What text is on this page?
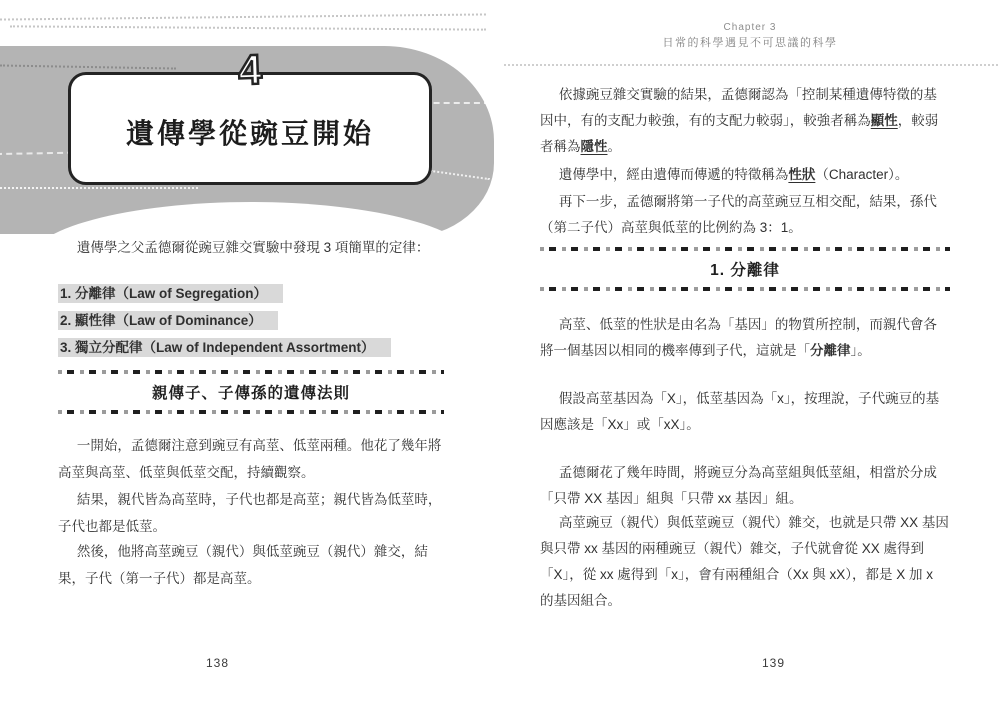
4
遺傳學從豌豆開始

遺傳學之父孟德爾從豌豆雜交實驗中發現 3 項簡單的定律：

1. 分離律（Law of Segregation）
2. 顯性律（Law of Dominance）
3. 獨立分配律（Law of Independent Assortment）
親傳子、子傳孫的遺傳法則

一開始，孟德爾注意到豌豆有高莖、低莖兩種。他花了幾年將高莖與高莖、低莖與低莖交配，持續觀察。

結果，親代皆為高莖時，子代也都是高莖；親代皆為低莖時，子代也都是低莖。

然後，他將高莖豌豆（親代）與低莖豌豆（親代）雜交，結果，子代（第一子代）都是高莖。

138
Chapter 3
日常的科學遇見不可思議的科學

依據豌豆雜交實驗的結果，孟德爾認為「控制某種遺傳特徵的基因中，有的支配力較強，有的支配力較弱」，較強者稱為顯性，較弱者稱為隱性。

遺傳學中，經由遺傳而傳遞的特徵稱為性狀（Character）。

再下一步，孟德爾將第一子代的高莖豌豆互相交配，結果，孫代（第二子代）高莖與低莖的比例約為 3：1。

1. 分離律

高莖、低莖的性狀是由名為「基因」的物質所控制，而親代會各將一個基因以相同的機率傳到子代，這就是「分離律」。

假設高莖基因為「X」，低莖基因為「x」，按理說，子代豌豆的基因應該是「Xx」或「xX」。

孟德爾花了幾年時間，將豌豆分為高莖組與低莖組，相當於分成「只帶 XX 基因」組與「只帶 xx 基因」組。

高莖豌豆（親代）與低莖豌豆（親代）雜交，也就是只帶 XX 基因與只帶 xx 基因的兩種豌豆（親代）雜交，子代就會從 XX 處得到「X」，從 xx 處得到「x」，會有兩種組合（Xx 與 xX），都是 X 加 x 的基因組合。

139
